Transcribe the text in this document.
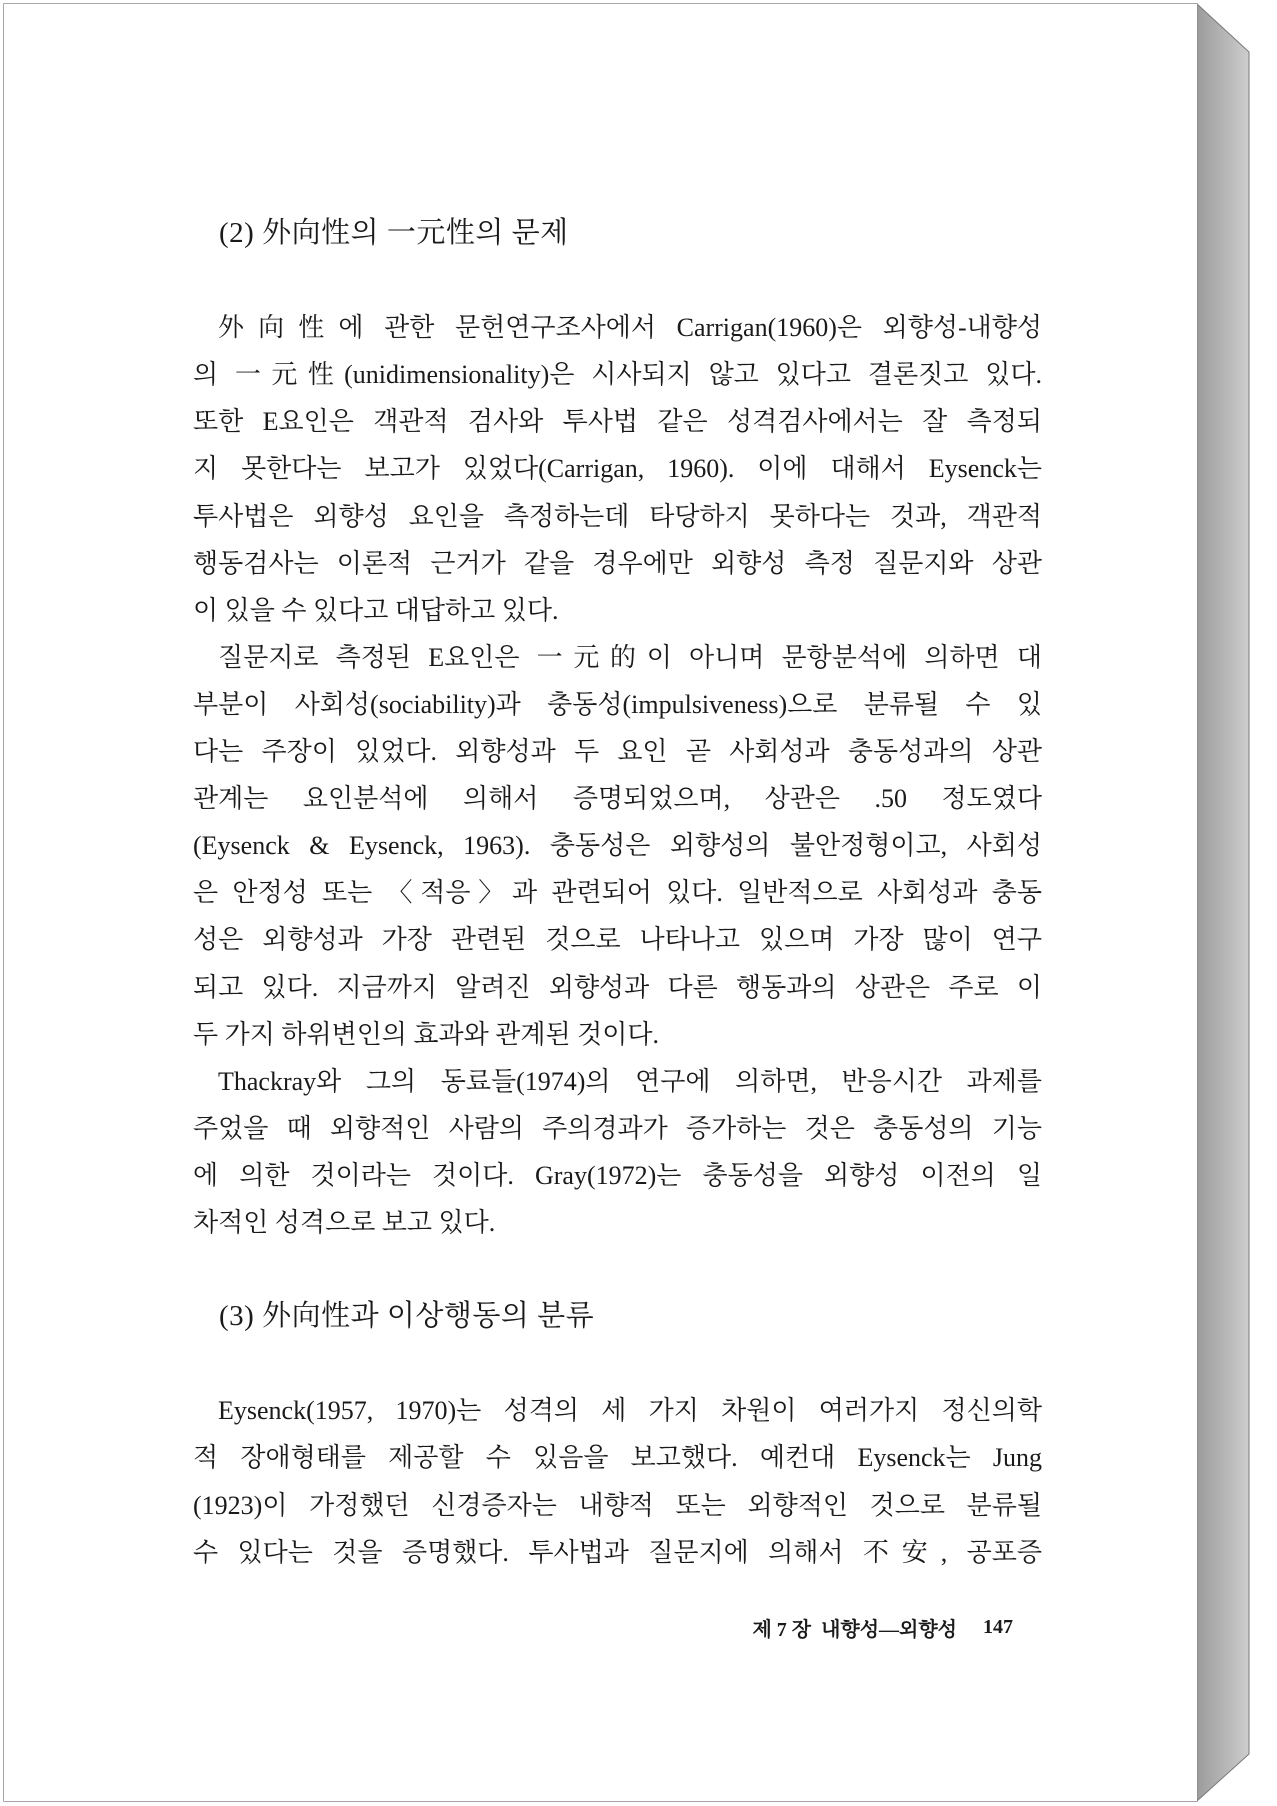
(2) 外向性의 一元性의 문제
外向性에 관한 문헌연구조사에서 Carrigan(1960)은 외향성-내향성
의 一元性(unidimensionality)은 시사되지 않고 있다고 결론짓고 있다.
또한 E요인은 객관적 검사와 투사법 같은 성격검사에서는 잘 측정되
지 못한다는 보고가 있었다(Carrigan, 1960). 이에 대해서 Eysenck는
투사법은 외향성 요인을 측정하는데 타당하지 못하다는 것과, 객관적
행동검사는 이론적 근거가 같을 경우에만 외향성 측정 질문지와 상관
이 있을 수 있다고 대답하고 있다.
질문지로 측정된 E요인은 一元的이 아니며 문항분석에 의하면 대
부분이 사회성(sociability)과 충동성(impulsiveness)으로 분류될 수 있
다는 주장이 있었다. 외향성과 두 요인 곧 사회성과 충동성과의 상관
관계는 요인분석에 의해서 증명되었으며, 상관은 .50 정도였다
(Eysenck & Eysenck, 1963). 충동성은 외향성의 불안정형이고, 사회성
은 안정성 또는 〈적응〉과 관련되어 있다. 일반적으로 사회성과 충동
성은 외향성과 가장 관련된 것으로 나타나고 있으며 가장 많이 연구
되고 있다. 지금까지 알려진 외향성과 다른 행동과의 상관은 주로 이
두 가지 하위변인의 효과와 관계된 것이다.
Thackray와 그의 동료들(1974)의 연구에 의하면, 반응시간 과제를
주었을 때 외향적인 사람의 주의경과가 증가하는 것은 충동성의 기능
에 의한 것이라는 것이다. Gray(1972)는 충동성을 외향성 이전의 일
차적인 성격으로 보고 있다.
(3) 外向性과 이상행동의 분류
Eysenck(1957, 1970)는 성격의 세 가지 차원이 여러가지 정신의학
적 장애형태를 제공할 수 있음을 보고했다. 예컨대 Eysenck는 Jung
(1923)이 가정했던 신경증자는 내향적 또는 외향적인 것으로 분류될
수 있다는 것을 증명했다. 투사법과 질문지에 의해서 不安, 공포증
제 7 장  내향성—외향성 147
